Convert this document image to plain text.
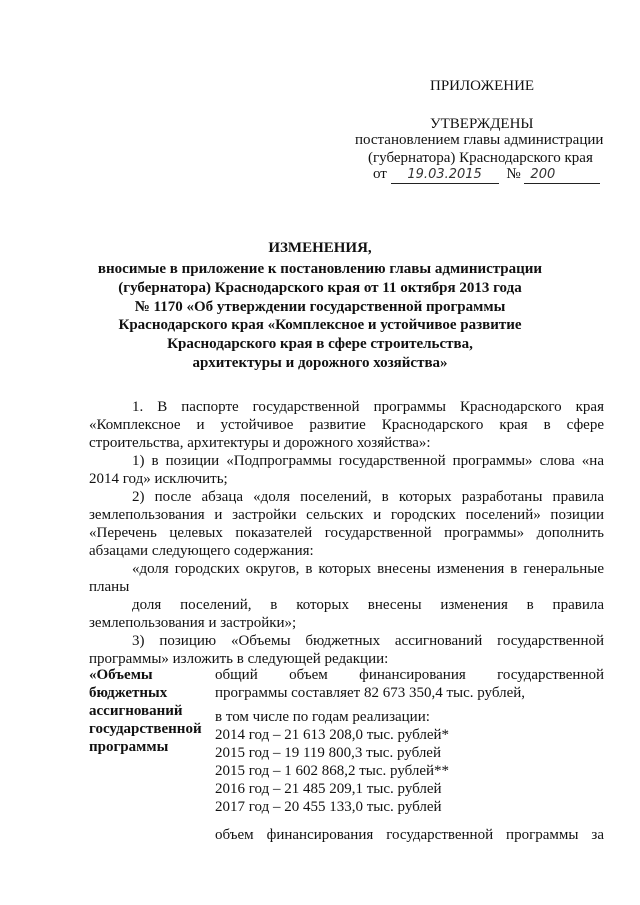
ПРИЛОЖЕНИЕ
УТВЕРЖДЕНЫ
постановлением главы администрации
(губернатора) Краснодарского края
от 19.03.2015 № 200
ИЗМЕНЕНИЯ,
вносимые в приложение к постановлению главы администрации
(губернатора) Краснодарского края от 11 октября 2013 года
№ 1170 «Об утверждении государственной программы
Краснодарского края «Комплексное и устойчивое развитие
Краснодарского края в сфере строительства,
архитектуры и дорожного хозяйства»
1. В паспорте государственной программы Краснодарского края
«Комплексное и устойчивое развитие Краснодарского края в сфере
строительства, архитектуры и дорожного хозяйства»:
1) в позиции «Подпрограммы государственной программы» слова «на
2014 год» исключить;
2) после абзаца «доля поселений, в которых разработаны правила
землепользования и застройки сельских и городских поселений» позиции
«Перечень целевых показателей государственной программы» дополнить
абзацами следующего содержания:
«доля городских округов, в которых внесены изменения в генеральные
планы
доля поселений, в которых внесены изменения в правила
землепользования и застройки»;
3) позицию «Объемы бюджетных ассигнований государственной
программы» изложить в следующей редакции:
«Объемы
бюджетных
ассигнований
государственной
программы
общий объем финансирования государственной
программы составляет 82 673 350,4 тыс. рублей,
в том числе по годам реализации:
2014 год – 21 613 208,0 тыс. рублей*
2015 год – 19 119 800,3 тыс. рублей
2015 год – 1 602 868,2 тыс. рублей**
2016 год – 21 485 209,1 тыс. рублей
2017 год – 20 455 133,0 тыс. рублей
объем финансирования государственной программы за
